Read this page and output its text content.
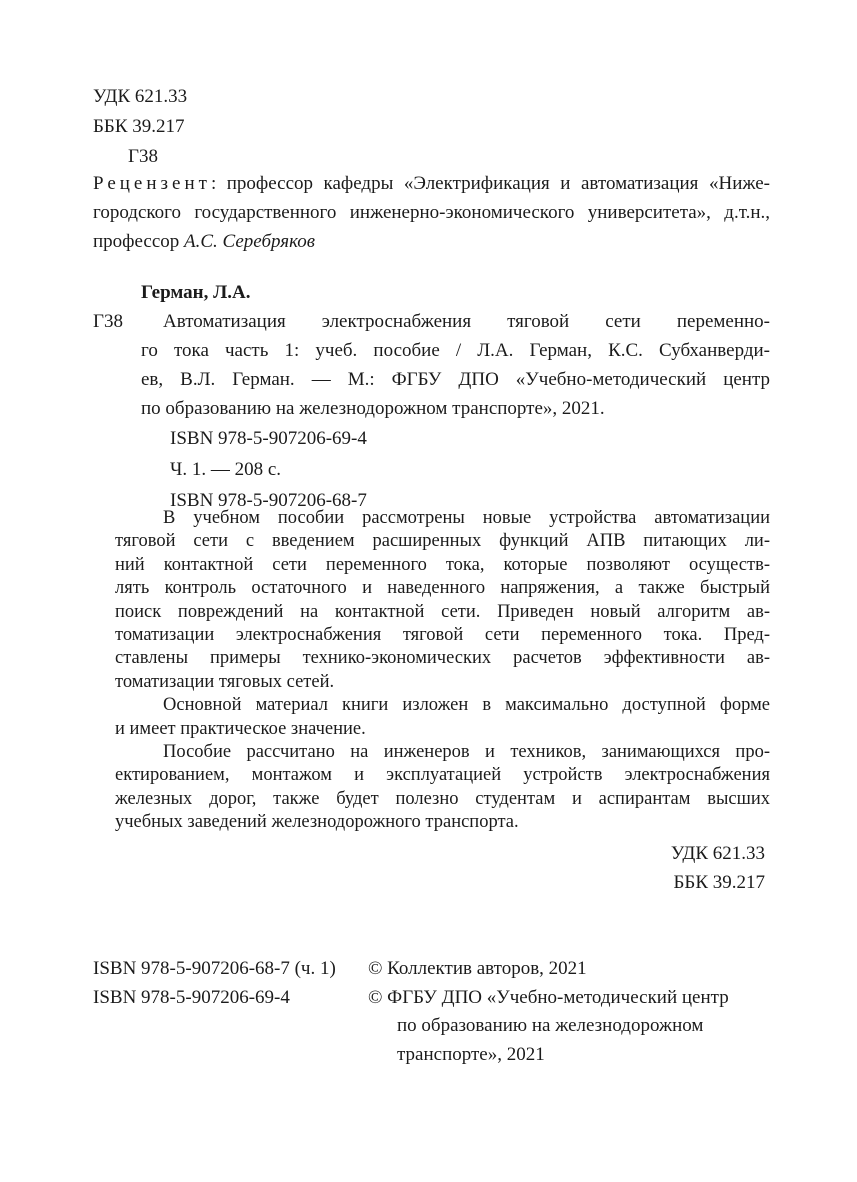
УДК 621.33
ББК 39.217
Г38
Рецензент: профессор кафедры «Электрификация и автоматизация «Ниже-
городского государственного инженерно-экономического университета», д.т.н.,
профессор А.С. Серебряков
Герман, Л.А.
Г38	Автоматизация электроснабжения тяговой сети переменно-
го тока часть 1: учеб. пособие / Л.А. Герман, К.С. Субханверди-
ев, В.Л. Герман. — М.: ФГБУ ДПО «Учебно-методический центр
по образованию на железнодорожном транспорте», 2021.
ISBN 978-5-907206-69-4
Ч. 1. — 208 с.
ISBN 978-5-907206-68-7
В учебном пособии рассмотрены новые устройства автоматизации
тяговой сети с введением расширенных функций АПВ питающих ли-
ний контактной сети переменного тока, которые позволяют осуществ-
лять контроль остаточного и наведенного напряжения, а также быстрый
поиск повреждений на контактной сети. Приведен новый алгоритм ав-
томатизации электроснабжения тяговой сети переменного тока. Пред-
ставлены примеры технико-экономических расчетов эффективности ав-
томатизации тяговых сетей.
Основной материал книги изложен в максимально доступной форме
и имеет практическое значение.
Пособие рассчитано на инженеров и техников, занимающихся про-
ектированием, монтажом и эксплуатацией устройств электроснабжения
железных дорог, также будет полезно студентам и аспирантам высших
учебных заведений железнодорожного транспорта.
УДК 621.33
ББК 39.217
ISBN 978-5-907206-68-7 (ч. 1)
ISBN 978-5-907206-69-4
© Коллектив авторов, 2021
© ФГБУ ДПО «Учебно-методический центр
по образованию на железнодорожном
транспорте», 2021
